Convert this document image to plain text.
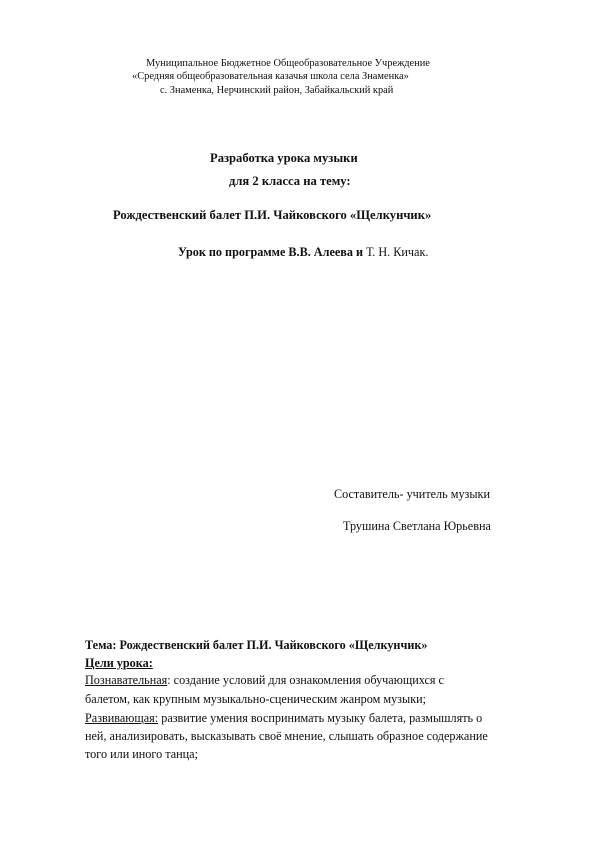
Муниципальное Бюджетное Общеобразовательное Учреждение
«Средняя общеобразовательная казачья школа села Знаменка»
с. Знаменка, Нерчинский район, Забайкальский край
Разработка урока музыки
для 2 класса на тему:
Рождественский балет П.И. Чайковского «Щелкунчик»
Урок по программе В.В. Алеева и Т. Н. Кичак.
Составитель- учитель музыки
Трушина Светлана Юрьевна
Тема: Рождественский балет П.И. Чайковского «Щелкунчик»
Цели урока:
Познавательная: создание условий для ознакомления обучающихся с
балетом, как крупным музыкально-сценическим жанром музыки;
Развивающая: развитие умения воспринимать музыку балета, размышлять о
ней, анализировать, высказывать своё мнение, слышать образное содержание
того или иного танца;
